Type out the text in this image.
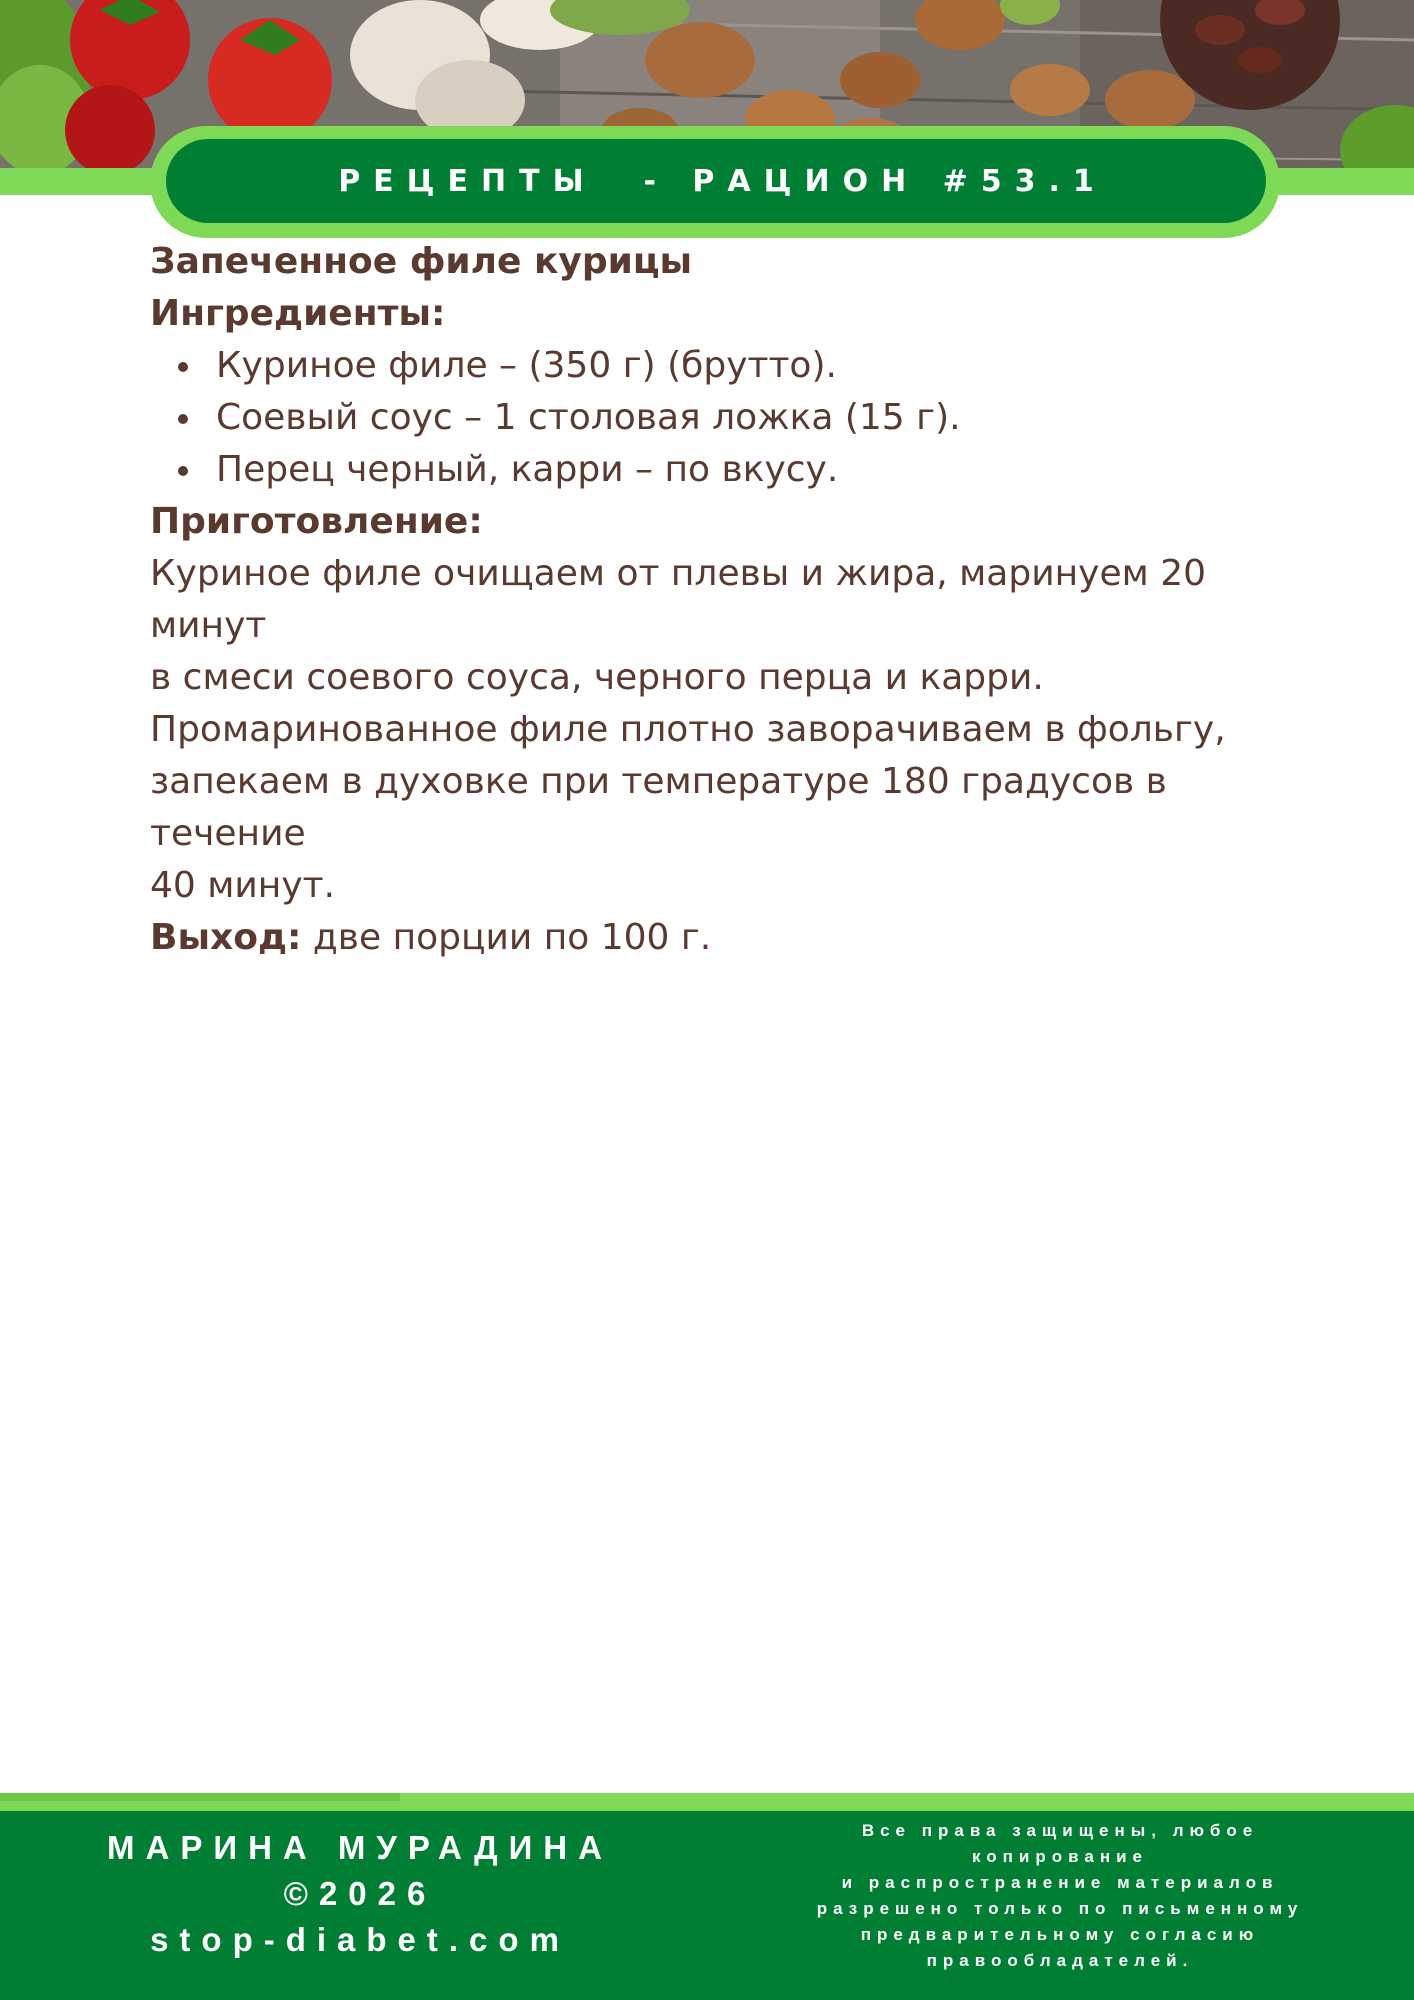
РЕЦЕПТЫ  - РАЦИОН #53.1

Запеченное филе курицы

Ингредиенты:

Куриное филе – (350 г) (брутто).
Соевый соус – 1 столовая ложка (15 г).
Перец черный, карри – по вкусу.

Приготовление:

Куриное филе очищаем от плевы и жира, маринуем 20 минут
в смеси соевого соуса, черного перца и карри.
Промаринованное филе плотно заворачиваем в фольгу,
запекаем в духовке при температуре 180 градусов в течение
40 минут.
Выход: две порции по 100 г.
МАРИНА МУРАДИНА
©2026
stop-diabet.com
Все права защищены, любое
копирование
и распространение материалов
разрешено только по письменному
предварительному согласию
правообладателей.
